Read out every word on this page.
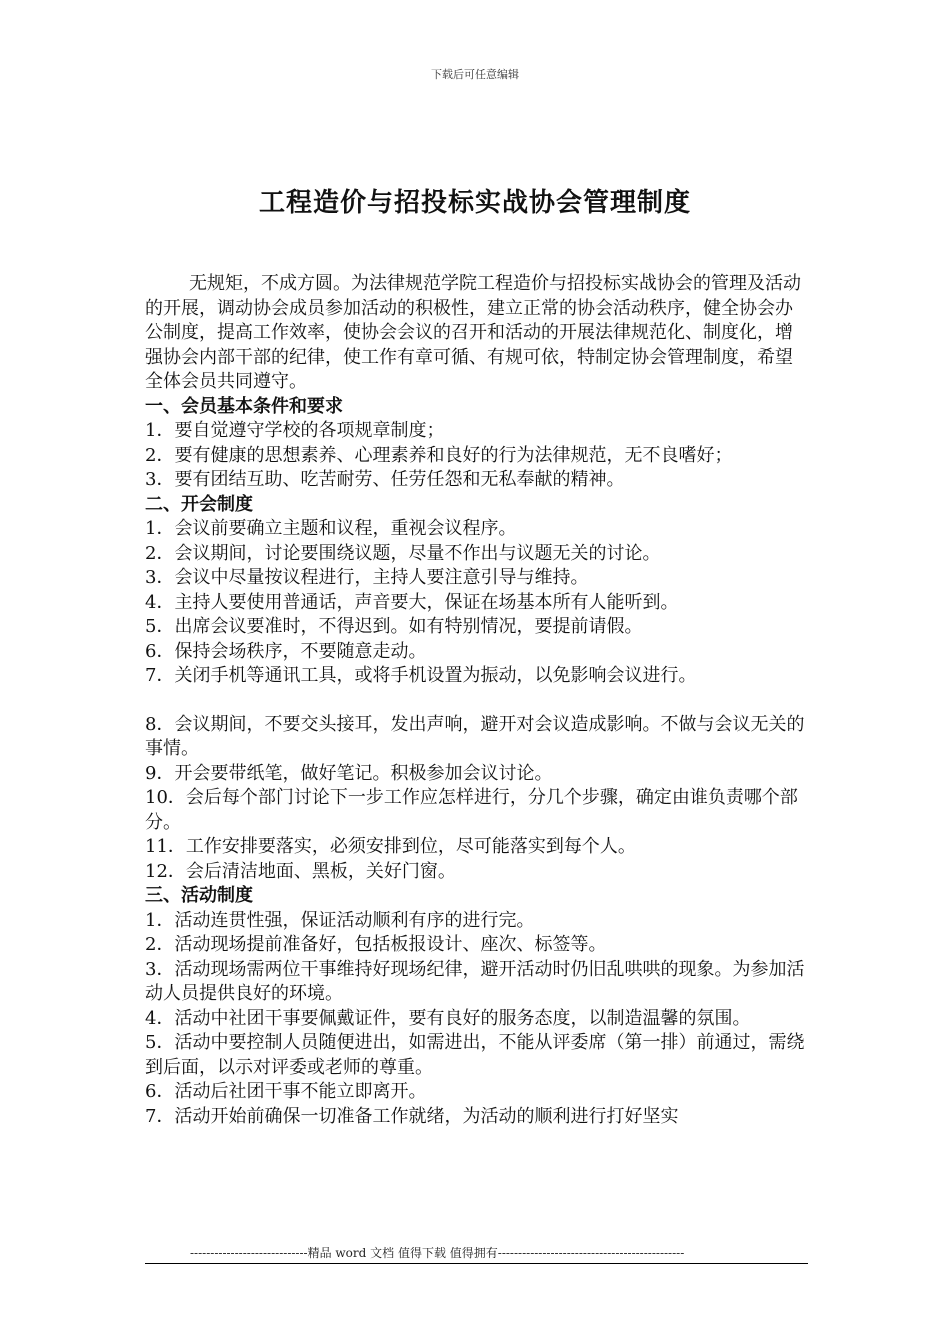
下载后可任意编辑
工程造价与招投标实战协会管理制度

无规矩，不成方圆。为法律规范学院工程造价与招投标实战协会的管理及活动的开展，调动协会成员参加活动的积极性，建立正常的协会活动秩序，健全协会办公制度，提高工作效率，使协会会议的召开和活动的开展法律规范化、制度化，增强协会内部干部的纪律，使工作有章可循、有规可依，特制定协会管理制度，希望全体会员共同遵守。

一、会员基本条件和要求

1．要自觉遵守学校的各项规章制度；

2．要有健康的思想素养、心理素养和良好的行为法律规范，无不良嗜好；

3．要有团结互助、吃苦耐劳、任劳任怨和无私奉献的精神。

二、开会制度

1．会议前要确立主题和议程，重视会议程序。

2．会议期间，讨论要围绕议题，尽量不作出与议题无关的讨论。

3．会议中尽量按议程进行，主持人要注意引导与维持。

4．主持人要使用普通话，声音要大，保证在场基本所有人能听到。

5．出席会议要准时，不得迟到。如有特别情况，要提前请假。

6．保持会场秩序，不要随意走动。

7．关闭手机等通讯工具，或将手机设置为振动，以免影响会议进行。

8．会议期间，不要交头接耳，发出声响，避开对会议造成影响。不做与会议无关的事情。

9．开会要带纸笔，做好笔记。积极参加会议讨论。

10．会后每个部门讨论下一步工作应怎样进行，分几个步骤，确定由谁负责哪个部分。

11．工作安排要落实，必须安排到位，尽可能落实到每个人。

12．会后清洁地面、黑板，关好门窗。

三、活动制度

1．活动连贯性强，保证活动顺利有序的进行完。

2．活动现场提前准备好，包括板报设计、座次、标签等。

3．活动现场需两位干事维持好现场纪律，避开活动时仍旧乱哄哄的现象。为参加活动人员提供良好的环境。

4．活动中社团干事要佩戴证件，要有良好的服务态度，以制造温馨的氛围。

5．活动中要控制人员随便进出，如需进出，不能从评委席（第一排）前通过，需绕到后面，以示对评委或老师的尊重。

6．活动后社团干事不能立即离开。

7．活动开始前确保一切准备工作就绪，为活动的顺利进行打好坚实

-----------------------------精品 word 文档 值得下载 值得拥有----------------------------------------------
